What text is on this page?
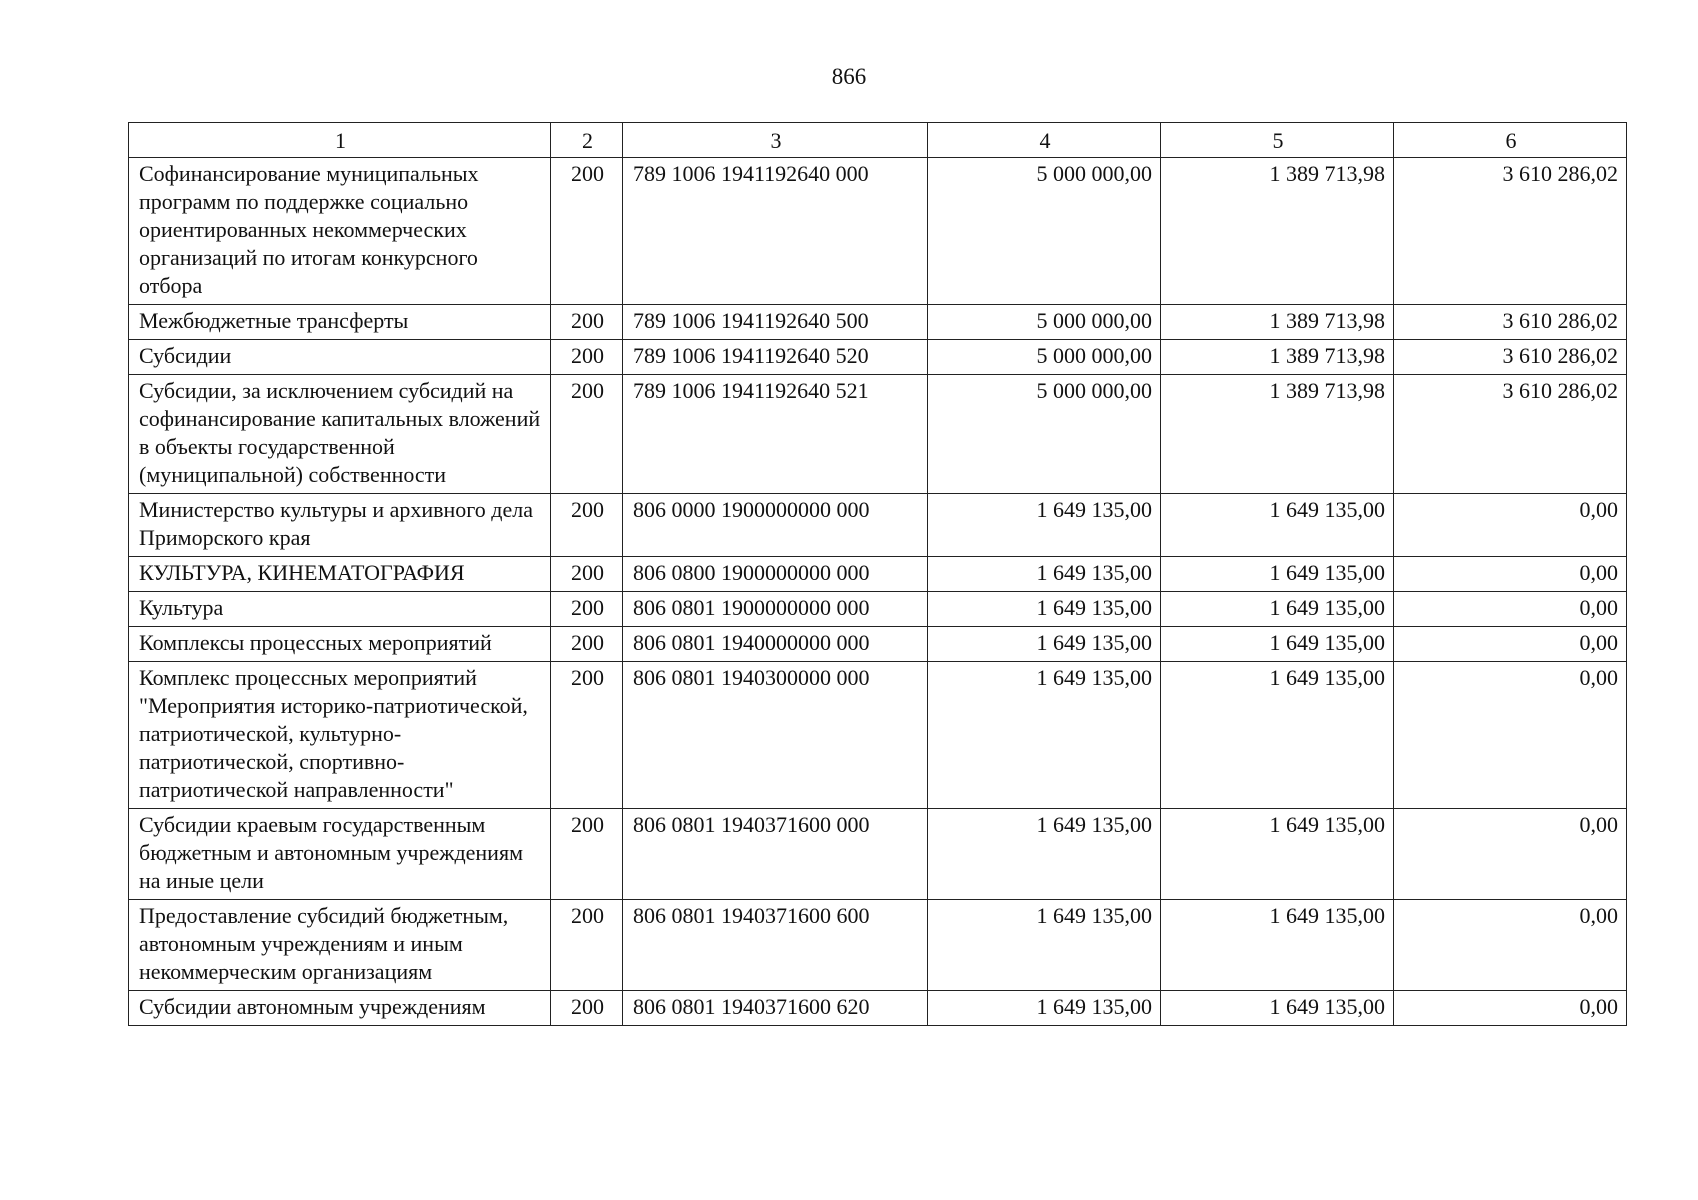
866
1	2	3	4	5	6
Софинансирование муниципальных программ по поддержке социально ориентированных некоммерческих организаций по итогам конкурсного отбора	200	789 1006 1941192640 000	5 000 000,00	1 389 713,98	3 610 286,02
Межбюджетные трансферты	200	789 1006 1941192640 500	5 000 000,00	1 389 713,98	3 610 286,02
Субсидии	200	789 1006 1941192640 520	5 000 000,00	1 389 713,98	3 610 286,02
Субсидии, за исключением субсидий на софинансирование капитальных вложений в объекты государственной (муниципальной) собственности	200	789 1006 1941192640 521	5 000 000,00	1 389 713,98	3 610 286,02
Министерство культуры и архивного дела Приморского края	200	806 0000 1900000000 000	1 649 135,00	1 649 135,00	0,00
КУЛЬТУРА, КИНЕМАТОГРАФИЯ	200	806 0800 1900000000 000	1 649 135,00	1 649 135,00	0,00
Культура	200	806 0801 1900000000 000	1 649 135,00	1 649 135,00	0,00
Комплексы процессных мероприятий	200	806 0801 1940000000 000	1 649 135,00	1 649 135,00	0,00
Комплекс процессных мероприятий "Мероприятия историко-патриотической, патриотической, культурно-патриотической, спортивно-патриотической направленности"	200	806 0801 1940300000 000	1 649 135,00	1 649 135,00	0,00
Субсидии краевым государственным бюджетным и автономным учреждениям на иные цели	200	806 0801 1940371600 000	1 649 135,00	1 649 135,00	0,00
Предоставление субсидий бюджетным, автономным учреждениям и иным некоммерческим организациям	200	806 0801 1940371600 600	1 649 135,00	1 649 135,00	0,00
Субсидии автономным учреждениям	200	806 0801 1940371600 620	1 649 135,00	1 649 135,00	0,00
